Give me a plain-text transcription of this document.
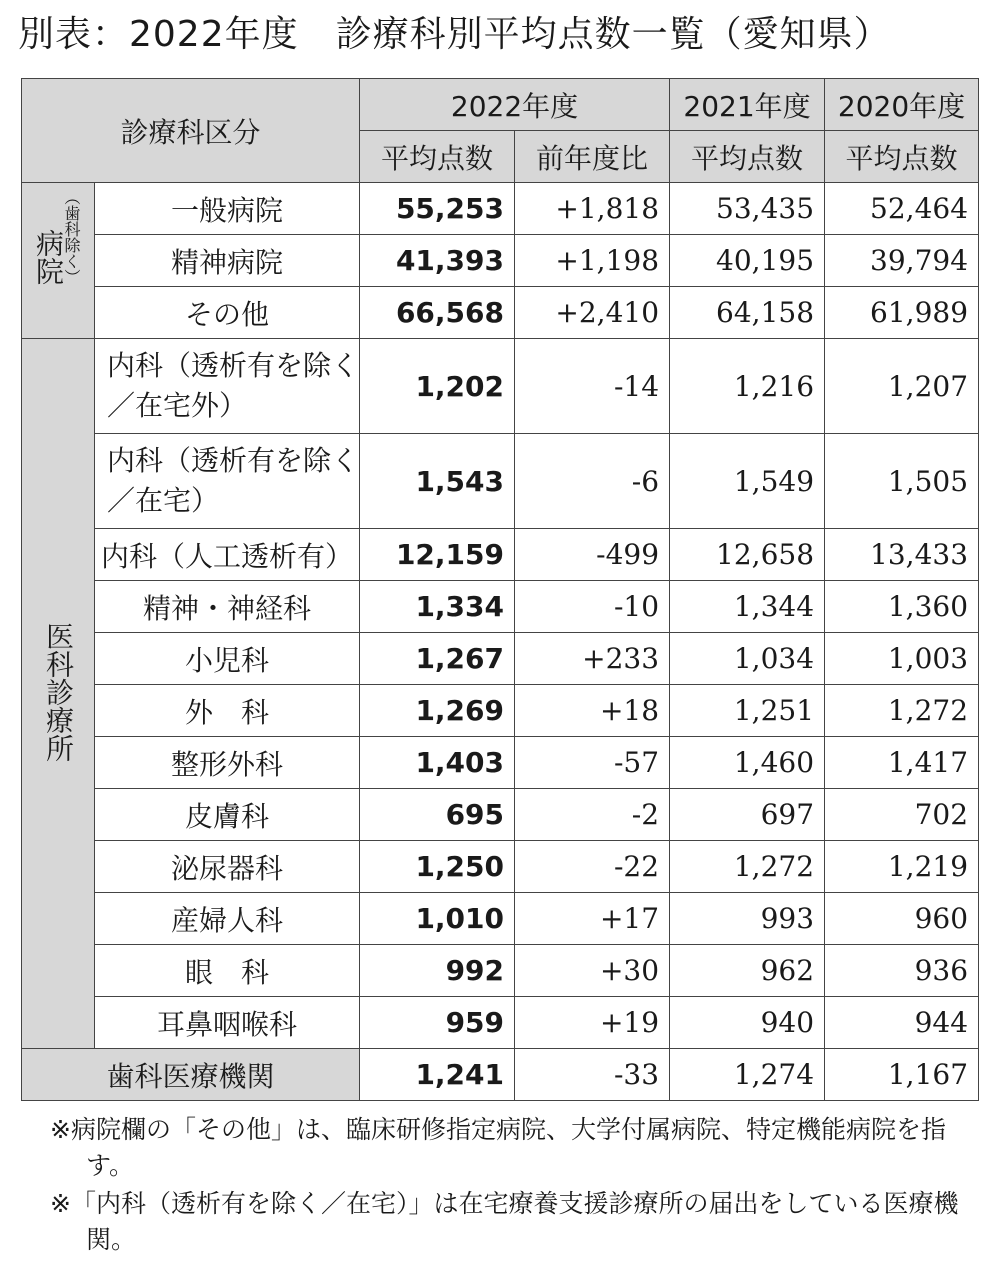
別表：2022年度　診療科別平均点数一覧（愛知県）
診療科区分		2022年度		2021年度	2020年度
		平均点数	前年度比	平均点数	平均点数
病院（歯科除く）	一般病院	55,253	+1,818	53,435	52,464
	精神病院	41,393	+1,198	40,195	39,794
	その他	66,568	+2,410	64,158	61,989
医科診療所	内科（透析有を除く／在宅外）	1,202	-14	1,216	1,207
	内科（透析有を除く／在宅）	1,543	-6	1,549	1,505
	内科（人工透析有）	12,159	-499	12,658	13,433
	精神・神経科	1,334	-10	1,344	1,360
	小児科	1,267	+233	1,034	1,003
	外　科	1,269	+18	1,251	1,272
	整形外科	1,403	-57	1,460	1,417
	皮膚科	695	-2	697	702
	泌尿器科	1,250	-22	1,272	1,219
	産婦人科	1,010	+17	993	960
	眼　科	992	+30	962	936
	耳鼻咽喉科	959	+19	940	944
歯科医療機関		1,241	-33	1,274	1,167
※病院欄の「その他」は、臨床研修指定病院、大学付属病院、特定機能病院を指す。
※「内科（透析有を除く／在宅）」は在宅療養支援診療所の届出をしている医療機関。
